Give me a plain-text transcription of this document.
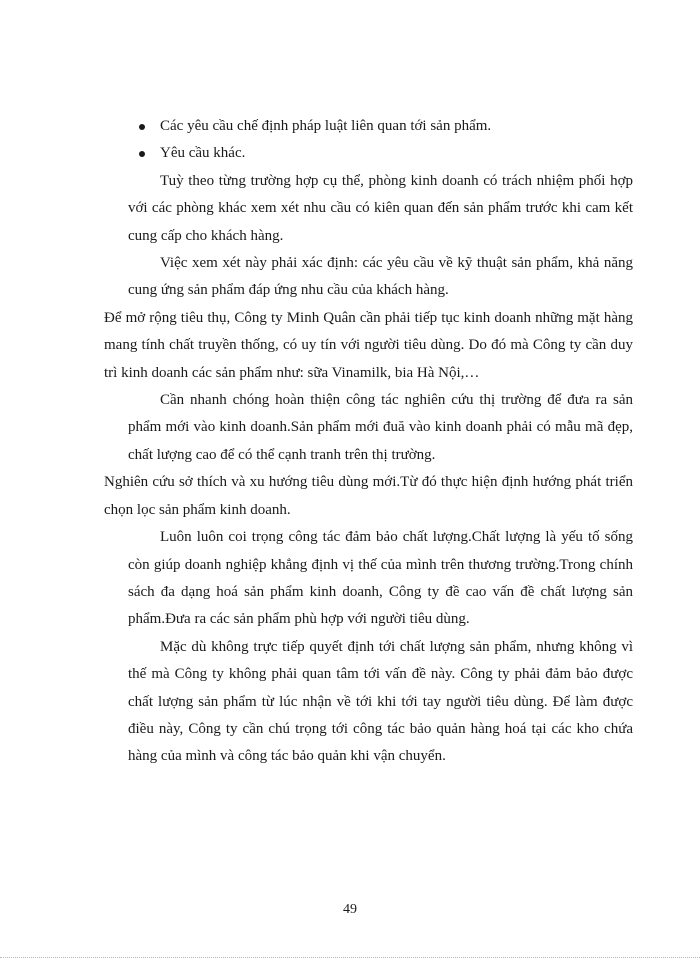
Các yêu cầu chế định pháp luật liên quan tới sản phẩm.
Yêu cầu khác.

Tuỳ theo từng trường hợp cụ thể, phòng kinh doanh có trách nhiệm phối hợp với các phòng khác xem xét nhu cầu có kiên quan đến sản phẩm trước khi cam kết cung cấp cho khách hàng.

Việc xem xét này phải xác định: các yêu cầu về kỹ thuật sản phẩm, khả năng cung ứng sản phẩm đáp ứng nhu cầu của khách hàng.

Để mở rộng tiêu thụ, Công ty Minh Quân cần phải tiếp tục kinh doanh những mặt hàng mang tính chất truyền thống, có uy tín với người tiêu dùng. Do đó mà Công ty cần duy trì kinh doanh các sản phẩm như: sữa Vinamilk, bia Hà Nội,…

Cần nhanh chóng hoàn thiện công tác nghiên cứu thị trường để đưa ra sản phẩm mới vào kinh doanh.Sản phẩm mới đuă vào kinh doanh phải có mẫu mã đẹp, chất lượng cao để có thể cạnh tranh trên thị trường.

Nghiên cứu sở thích và xu hướng tiêu dùng mới.Từ đó thực hiện định hướng phát triển chọn lọc sản phẩm kinh doanh.

Luôn luôn coi trọng công tác đảm bảo chất lượng.Chất lượng là yếu tố sống còn giúp doanh nghiệp khẳng định vị thế của mình trên thương trường.Trong chính sách đa dạng hoá sản phẩm kinh doanh, Công ty đề cao vấn đề chất lượng sản phẩm.Đưa ra các sản phẩm phù hợp với người tiêu dùng.

Mặc dù không trực tiếp quyết định tới chất lượng sản phẩm, nhưng không vì thế mà Công ty không phải quan tâm tới vấn đề này. Công ty phải đảm bảo được chất lượng sản phẩm từ lúc nhận về tới khi tới tay người tiêu dùng. Để làm được điều này, Công ty cần chú trọng tới công tác bảo quản hàng hoá tại các kho chứa hàng của mình và công tác bảo quản khi vận chuyển.

49
